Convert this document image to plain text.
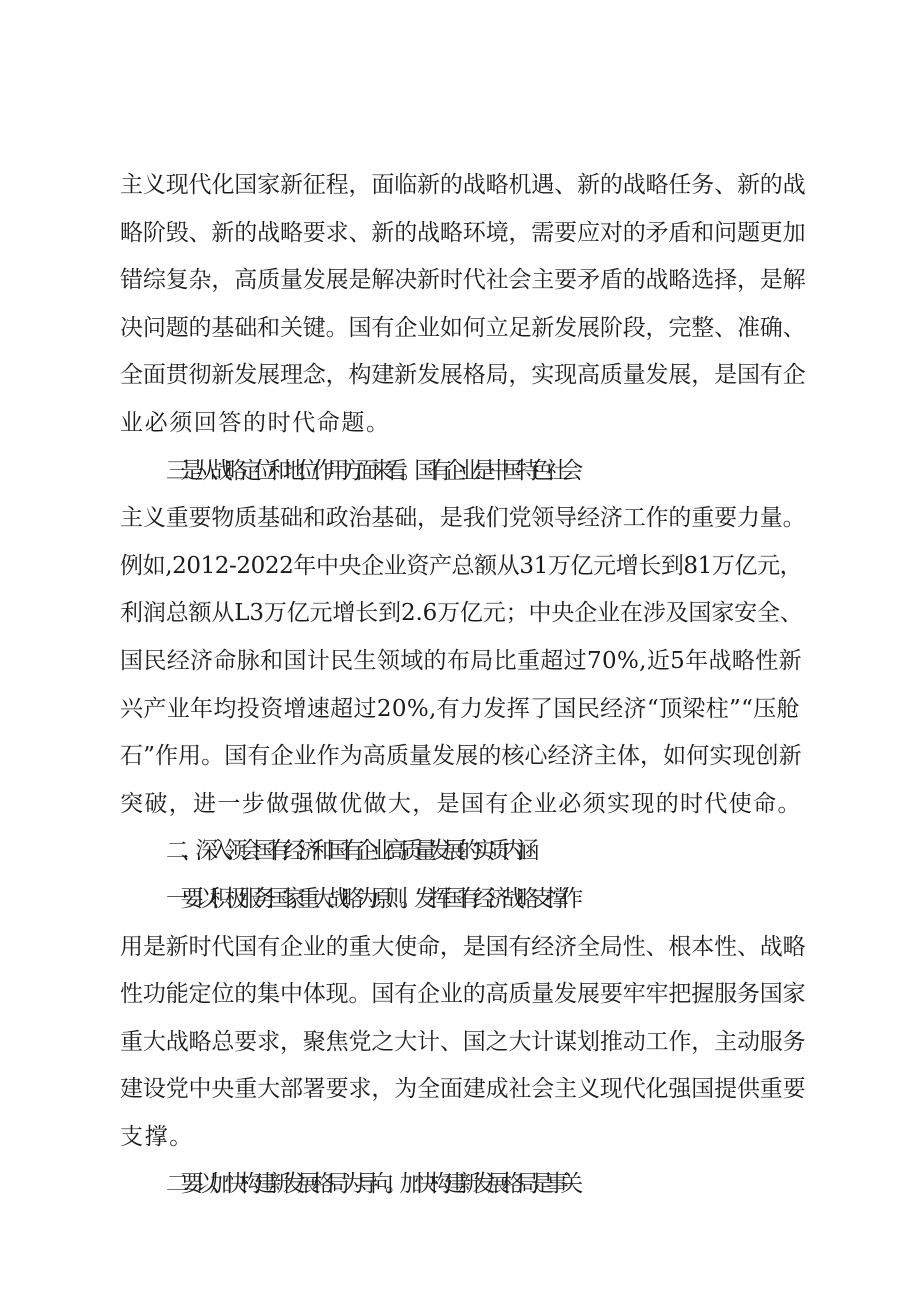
主义现代化国家新征程，面临新的战略机遇、新的战略任务、新的战
略阶毁、新的战略要求、新的战略环境，需要应对的矛盾和问题更加
错综复杂，高质量发展是解决新时代社会主要矛盾的战略选择，是解
决问题的基础和关键。国有企业如何立足新发展阶段，完整、准确、
全面贯彻新发展理念，构建新发展格局，实现高质量发展，是国有企
业必须回答的时代命题。
三是从战略定位和地位作用方面来看。国有企业是中国特色社会
主义重要物质基础和政治基础，是我们党领导经济工作的重要力量。
例如,2012-2022年中央企业资产总额从31万亿元增长到81万亿元，
利润总额从L3万亿元增长到2.6万亿元；中央企业在涉及国家安全、
国民经济命脉和国计民生领域的布局比重超过70%,近5年战略性新
兴产业年均投资增速超过20%,有力发挥了国民经济“顶梁柱”“压舱
石”作用。国有企业作为高质量发展的核心经济主体，如何实现创新
突破，进一步做强做优做大，是国有企业必须实现的时代使命。
二、深入领会国有经济和国有企业高质量发展的实质内涵
一要以积极服务国家重大战略为原则。发挥国有经济战略支撑作
用是新时代国有企业的重大使命，是国有经济全局性、根本性、战略
性功能定位的集中体现。国有企业的高质量发展要牢牢把握服务国家
重大战略总要求，聚焦党之大计、国之大计谋划推动工作，主动服务
建设党中央重大部署要求，为全面建成社会主义现代化强国提供重要
支撑。
二要以加快构建新发展格局为导向。加快构建新发展格局是事关
